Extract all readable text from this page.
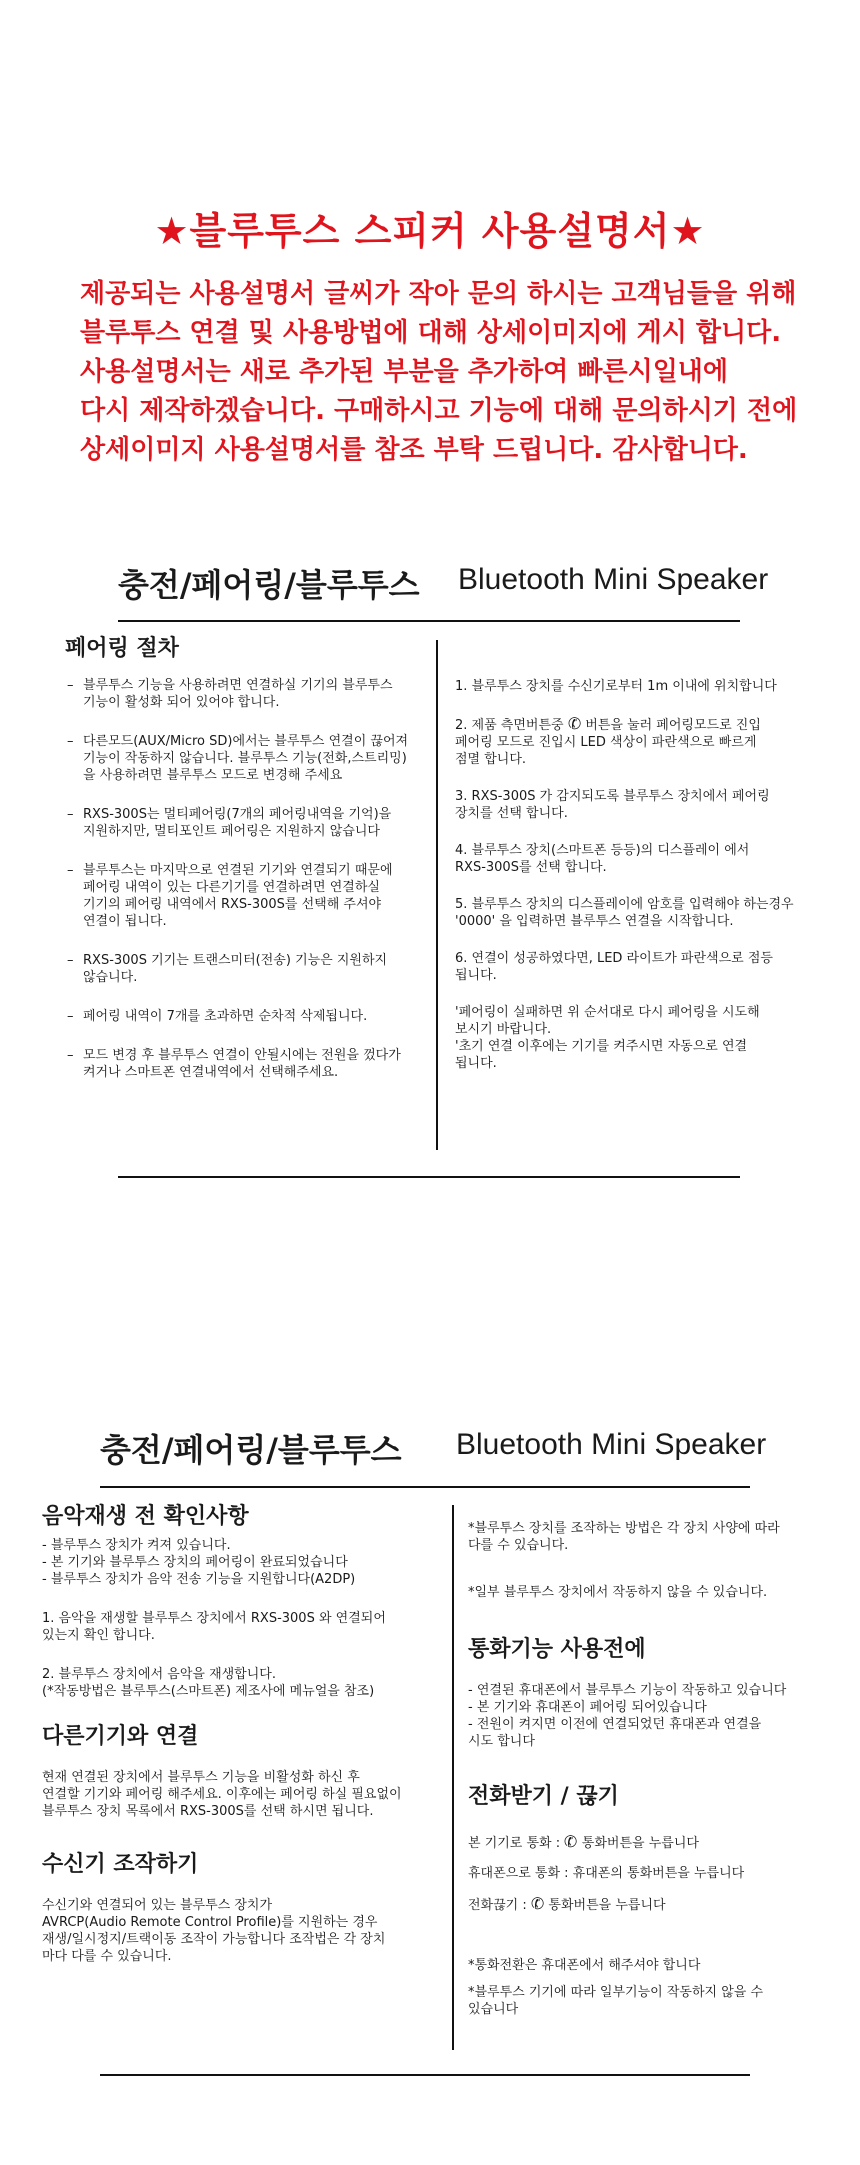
★블루투스 스피커 사용설명서★

제공되는 사용설명서 글씨가 작아 문의 하시는 고객님들을 위해

블루투스 연결 및 사용방법에 대해 상세이미지에 게시 합니다.

사용설명서는 새로 추가된 부분을 추가하여 빠른시일내에

다시 제작하겠습니다. 구매하시고 기능에 대해 문의하시기 전에

상세이미지 사용설명서를 참조 부탁 드립니다. 감사합니다.

충전/페어링/블루투스 Bluetooth Mini Speaker
페어링 절차

– 블루투스 기능을 사용하려면 연결하실 기기의 블루투스

기능이 활성화 되어 있어야 합니다.

– 다른모드(AUX/Micro SD)에서는 블루투스 연결이 끊어져

기능이 작동하지 않습니다. 블루투스 기능(전화,스트리밍)

을 사용하려면 블루투스 모드로 변경해 주세요

– RXS-300S는 멀티페어링(7개의 페어링내역을 기억)을

지원하지만, 멀티포인트 페어링은 지원하지 않습니다

– 블루투스는 마지막으로 연결된 기기와 연결되기 때문에

페어링 내역이 있는 다른기기를 연결하려면 연결하실

기기의 페어링 내역에서 RXS-300S를 선택해 주셔야

연결이 됩니다.

– RXS-300S 기기는 트랜스미터(전송) 기능은 지원하지

않습니다.

– 페어링 내역이 7개를 초과하면 순차적 삭제됩니다.

– 모드 변경 후 블루투스 연결이 안될시에는 전원을 껐다가

켜거나 스마트폰 연결내역에서 선택해주세요.

1. 블루투스 장치를 수신기로부터 1m 이내에 위치합니다

2. 제품 측면버튼중 ✆ 버튼을 눌러 페어링모드로 진입

페어링 모드로 진입시 LED 색상이 파란색으로 빠르게

점멸 합니다.

3. RXS-300S 가 감지되도록 블루투스 장치에서 페어링

장치를 선택 합니다.

4. 블루투스 장치(스마트폰 등등)의 디스플레이 에서

RXS-300S를 선택 합니다.

5. 블루투스 장치의 디스플레이에 암호를 입력해야 하는경우

'0000' 을 입력하면 블루투스 연결을 시작합니다.

6. 연결이 성공하였다면, LED 라이트가 파란색으로 점등

됩니다.

'페어링이 실패하면 위 순서대로 다시 페어링을 시도해

보시기 바랍니다.

'초기 연결 이후에는 기기를 켜주시면 자동으로 연결

됩니다.

충전/페어링/블루투스 Bluetooth Mini Speaker
음악재생 전 확인사항

- 블루투스 장치가 켜져 있습니다.

- 본 기기와 블루투스 장치의 페어링이 완료되었습니다

- 블루투스 장치가 음악 전송 기능을 지원합니다(A2DP)

1. 음악을 재생할 블루투스 장치에서 RXS-300S 와 연결되어

있는지 확인 합니다.

2. 블루투스 장치에서 음악을 재생합니다.

(*작동방법은 블루투스(스마트폰) 제조사에 메뉴얼을 참조)

다른기기와 연결

현재 연결된 장치에서 블루투스 기능을 비활성화 하신 후

연결할 기기와 페어링 해주세요. 이후에는 페어링 하실 필요없이

블루투스 장치 목록에서 RXS-300S를 선택 하시면 됩니다.

수신기 조작하기

수신기와 연결되어 있는 블루투스 장치가

AVRCP(Audio Remote Control Profile)를 지원하는 경우

재생/일시정지/트랙이동 조작이 가능합니다 조작법은 각 장치

마다 다를 수 있습니다.

*블루투스 장치를 조작하는 방법은 각 장치 사양에 따라

다를 수 있습니다.

*일부 블루투스 장치에서 작동하지 않을 수 있습니다.

통화기능 사용전에

- 연결된 휴대폰에서 블루투스 기능이 작동하고 있습니다

- 본 기기와 휴대폰이 페어링 되어있습니다

- 전원이 켜지면 이전에 연결되었던 휴대폰과 연결을

시도 합니다

전화받기 / 끊기

본 기기로 통화 : ✆ 통화버튼을 누릅니다

휴대폰으로 통화 : 휴대폰의 통화버튼을 누릅니다

전화끊기 : ✆ 통화버튼을 누릅니다

*통화전환은 휴대폰에서 해주셔야 합니다

*블루투스 기기에 따라 일부기능이 작동하지 않을 수

있습니다
